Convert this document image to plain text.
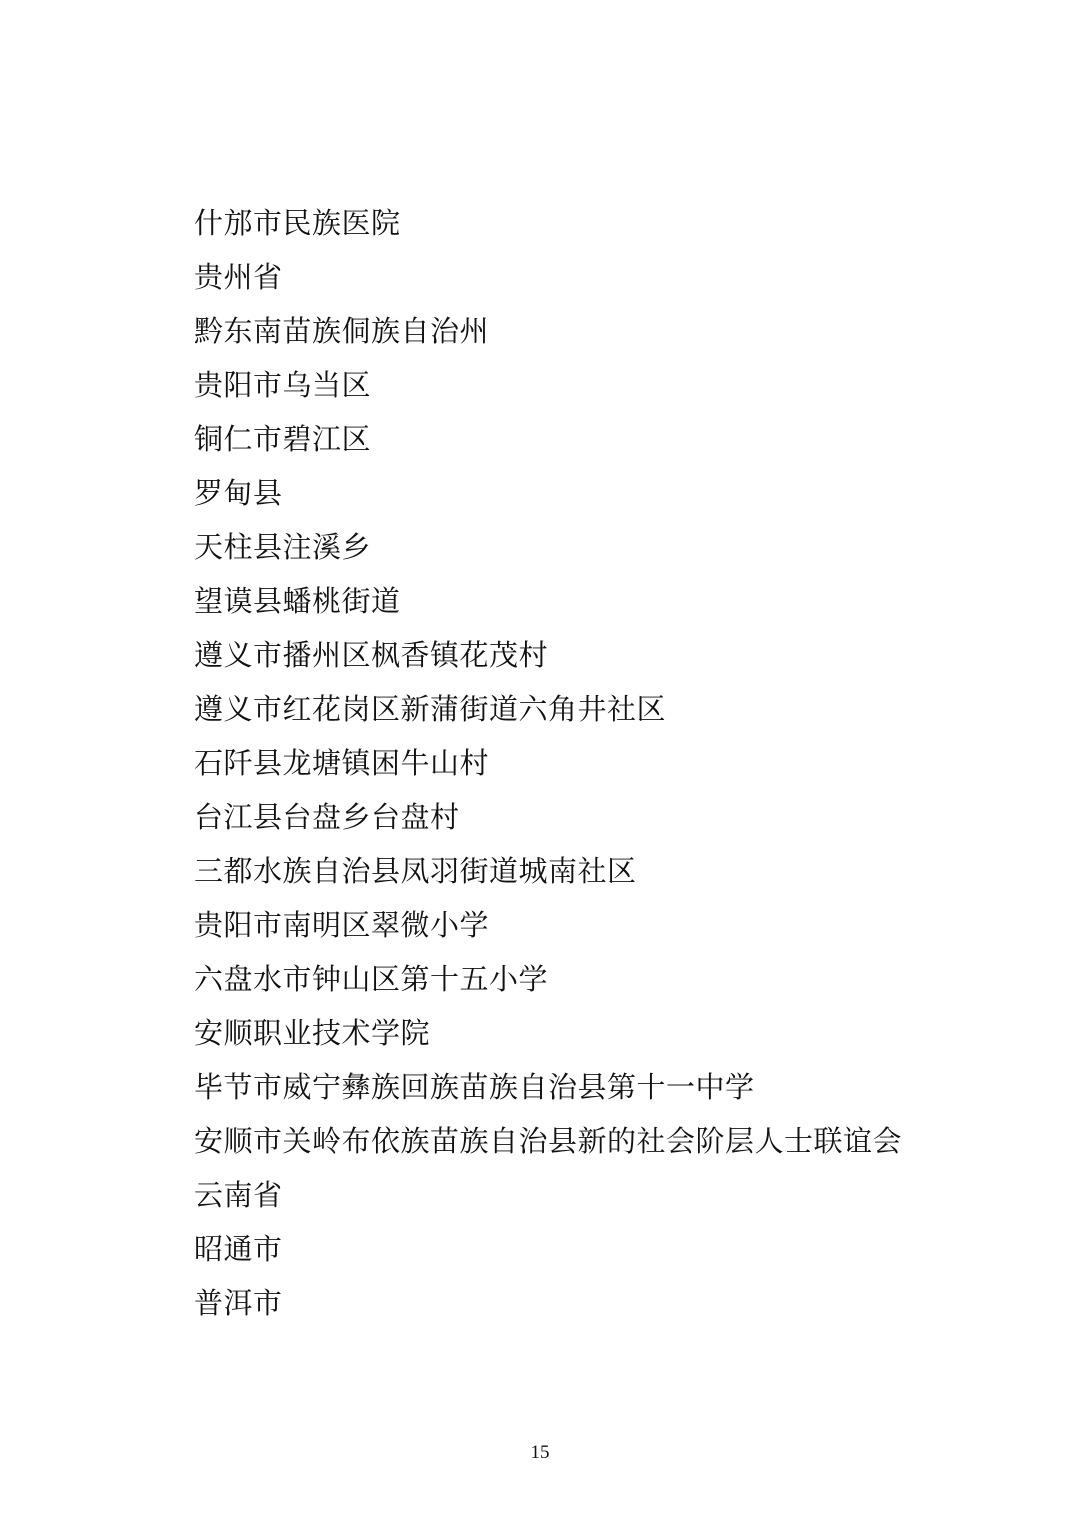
什邡市民族医院
贵州省
黔东南苗族侗族自治州
贵阳市乌当区
铜仁市碧江区
罗甸县
天柱县注溪乡
望谟县蟠桃街道
遵义市播州区枫香镇花茂村
遵义市红花岗区新蒲街道六角井社区
石阡县龙塘镇困牛山村
台江县台盘乡台盘村
三都水族自治县凤羽街道城南社区
贵阳市南明区翠微小学
六盘水市钟山区第十五小学
安顺职业技术学院
毕节市威宁彝族回族苗族自治县第十一中学
安顺市关岭布依族苗族自治县新的社会阶层人士联谊会
云南省
昭通市
普洱市
15
